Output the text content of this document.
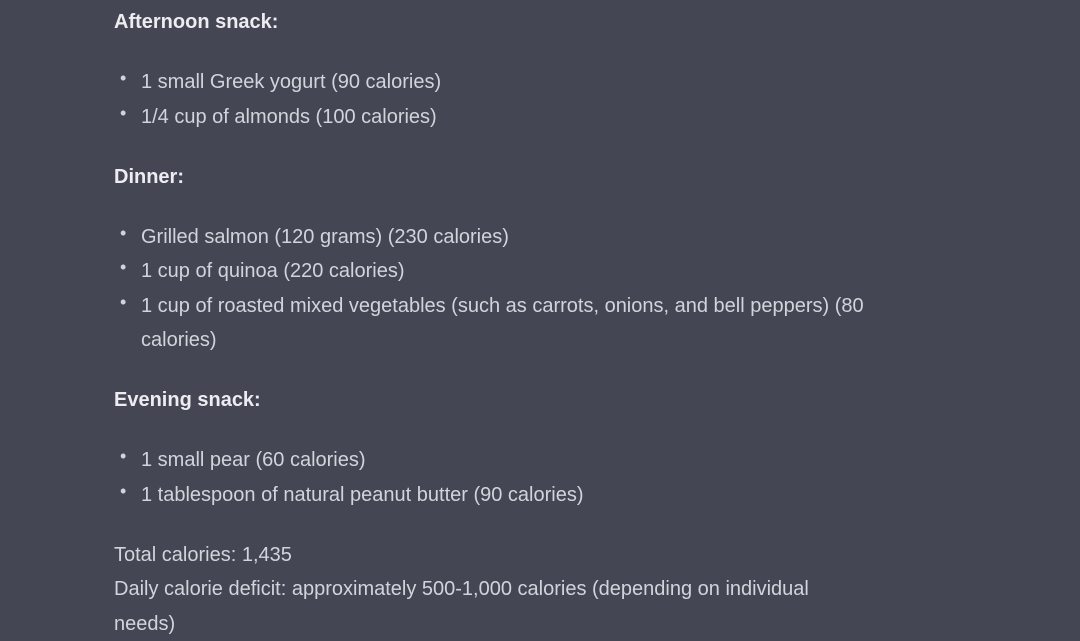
Afternoon snack:

• 1 small Greek yogurt (90 calories)
• 1/4 cup of almonds (100 calories)

Dinner:

• Grilled salmon (120 grams) (230 calories)
• 1 cup of quinoa (220 calories)
• 1 cup of roasted mixed vegetables (such as carrots, onions, and bell peppers) (80 calories)

Evening snack:

• 1 small pear (60 calories)
• 1 tablespoon of natural peanut butter (90 calories)

Total calories: 1,435

Daily calorie deficit: approximately 500-1,000 calories (depending on individual needs)
